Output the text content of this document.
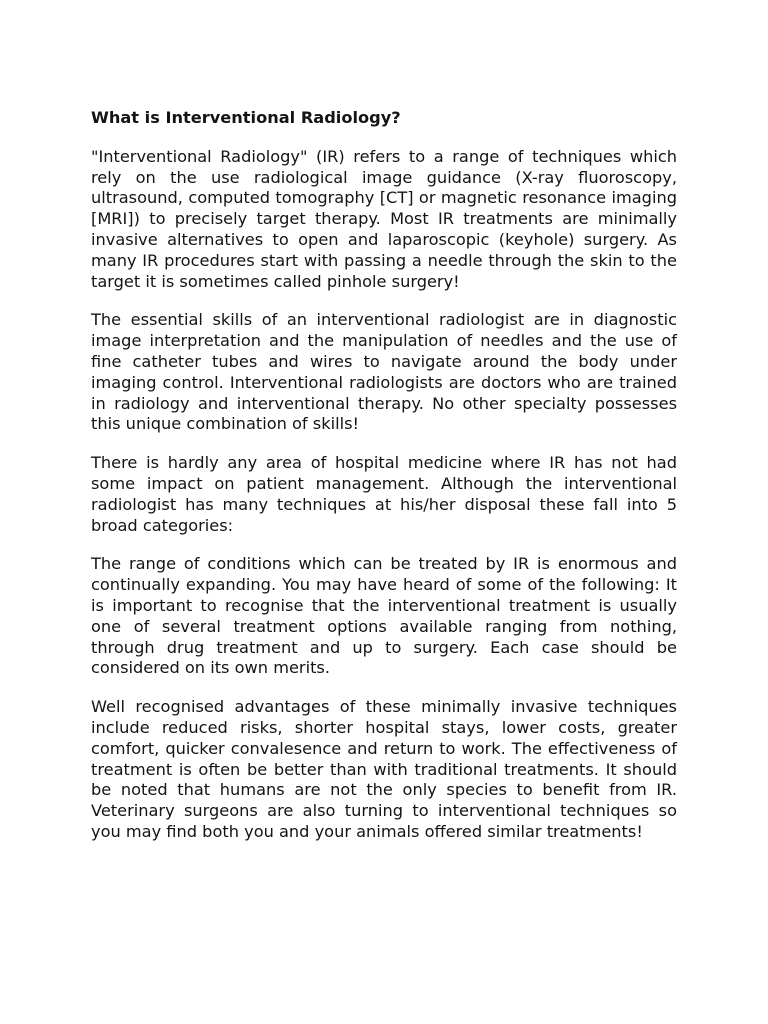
What is Interventional Radiology?

"Interventional Radiology" (IR) refers to a range of techniques which rely on the use radiological image guidance (X-ray fluoroscopy, ultrasound, computed tomography [CT] or magnetic resonance imaging [MRI]) to precisely target therapy. Most IR treatments are minimally invasive alternatives to open and laparoscopic (keyhole) surgery. As many IR procedures start with passing a needle through the skin to the target it is sometimes called pinhole surgery!

The essential skills of an interventional radiologist are in diagnostic image interpretation and the manipulation of needles and the use of fine catheter tubes and wires to navigate around the body under imaging control. Interventional radiologists are doctors who are trained in radiology and interventional therapy. No other specialty possesses this unique combination of skills!

There is hardly any area of hospital medicine where IR has not had some impact on patient management. Although the interventional radiologist has many techniques at his/her disposal these fall into 5 broad categories:

The range of conditions which can be treated by IR is enormous and continually expanding. You may have heard of some of the following: It is important to recognise that the interventional treatment is usually one of several treatment options available ranging from nothing, through drug treatment and up to surgery. Each case should be considered on its own merits.

Well recognised advantages of these minimally invasive techniques include reduced risks, shorter hospital stays, lower costs, greater comfort, quicker convalesence and return to work. The effectiveness of treatment is often be better than with traditional treatments. It should be noted that humans are not the only species to benefit from IR. Veterinary surgeons are also turning to interventional techniques so you may find both you and your animals offered similar treatments!
